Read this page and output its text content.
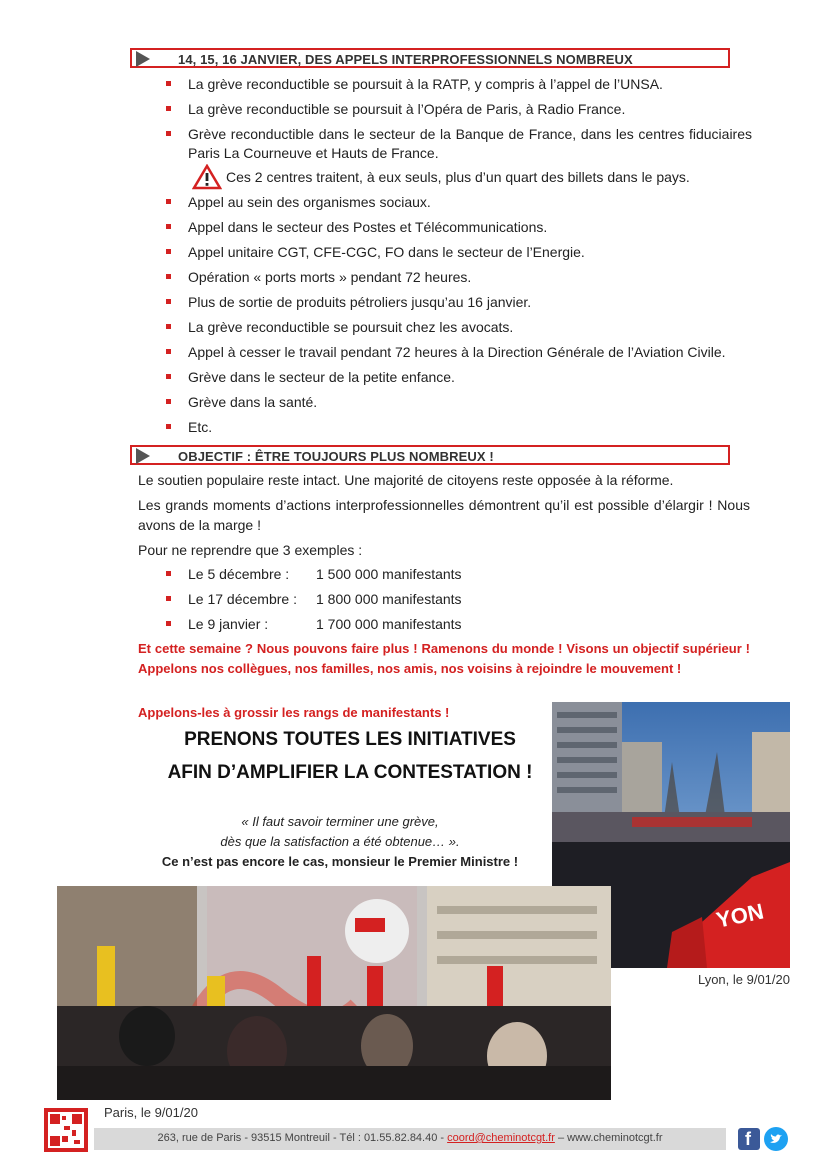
14, 15, 16 JANVIER, DES APPELS INTERPROFESSIONNELS NOMBREUX
La grève reconductible se poursuit à la RATP, y compris à l’appel de l’UNSA.
La grève reconductible se poursuit à l’Opéra de Paris, à Radio France.
Grève reconductible dans le secteur de la Banque de France, dans les centres fiduciaires Paris La Courneuve et Hauts de France.
Ces 2 centres traitent, à eux seuls, plus d’un quart des billets dans le pays.
Appel au sein des organismes sociaux.
Appel dans le secteur des Postes et Télécommunications.
Appel unitaire CGT, CFE-CGC, FO dans le secteur de l’Energie.
Opération « ports morts » pendant 72 heures.
Plus de sortie de produits pétroliers jusqu’au 16 janvier.
La grève reconductible se poursuit chez les avocats.
Appel à cesser le travail pendant 72 heures à la Direction Générale de l’Aviation Civile.
Grève dans le secteur de la petite enfance.
Grève dans la santé.
Etc.
OBJECTIF : ÊTRE TOUJOURS PLUS NOMBREUX !
Le soutien populaire reste intact. Une majorité de citoyens reste opposée à la réforme.
Les grands moments d’actions interprofessionnelles démontrent qu’il est possible d’élargir ! Nous avons de la marge !
Pour ne reprendre que 3 exemples :
Le 5 décembre :	1 500 000 manifestants
Le 17 décembre :	1 800 000 manifestants
Le 9 janvier :	1 700 000 manifestants
Et cette semaine ? Nous pouvons faire plus ! Ramenons du monde ! Visons un objectif supérieur ! Appelons nos collègues, nos familles, nos amis, nos voisins à rejoindre le mouvement !
Appelons-les à grossir les rangs de manifestants !
PRENONS TOUTES LES INITIATIVES
AFIN D’AMPLIFIER LA CONTESTATION !
« Il faut savoir terminer une grève,
dès que la satisfaction a été obtenue… ».
Ce n’est pas encore le cas, monsieur le Premier Ministre !
YON
Lyon, le 9/01/20
Paris, le 9/01/20
263, rue de Paris - 93515 Montreuil - Tél : 01.55.82.84.40 - coord@cheminotcgt.fr – www.cheminotcgt.fr	f
